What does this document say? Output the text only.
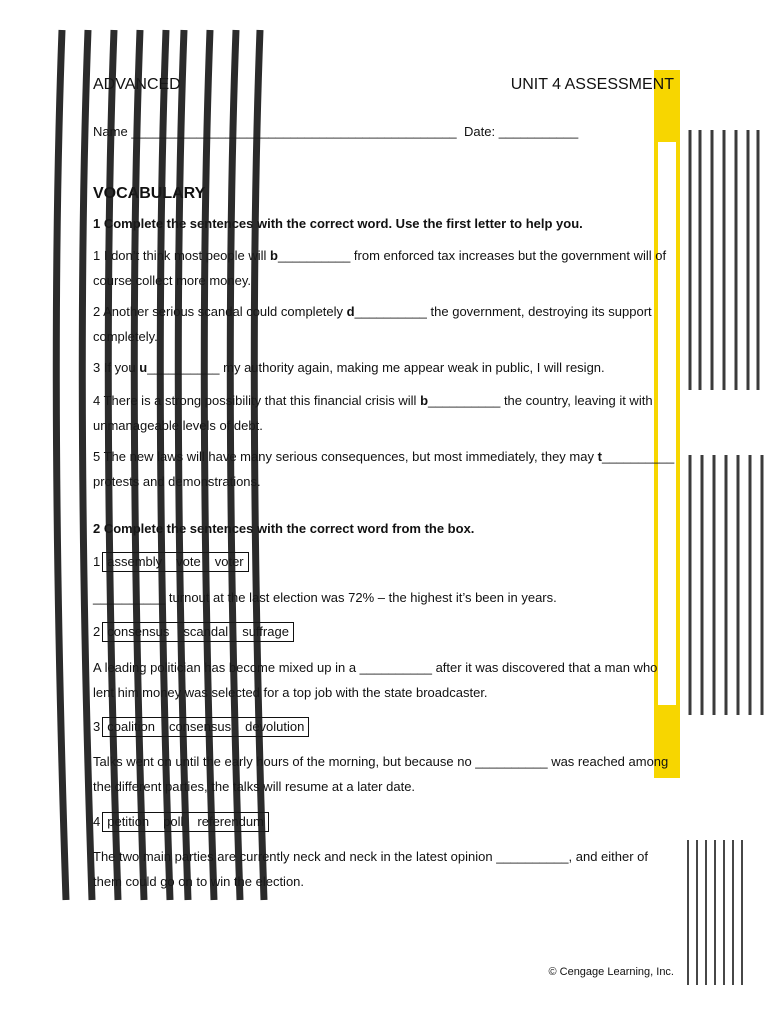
ADVANCED	UNIT 4 ASSESSMENT
Name _____________________________________________ Date: ___________
VOCABULARY
1 Complete the sentences with the correct word. Use the first letter to help you.
1 I don’t think most people will b__________ from enforced tax increases but the government will of course collect more money.
2 Another serious scandal could completely d__________ the government, destroying its support completely.
3 If you u__________ my authority again, making me appear weak in public, I will resign.
4 There is a strong possibility that this financial crisis will b__________ the country, leaving it with unmanageable levels of debt.
5 The new laws will have many serious consequences, but most immediately, they may t__________ protests and demonstrations.
2 Complete the sentences with the correct word from the box.
1 assembly vote voter
__________ turnout at the last election was 72% – the highest it’s been in years.
2 consensus scandal suffrage
A leading politician has become mixed up in a __________ after it was discovered that a man who lent him money was selected for a top job with the state broadcaster.
3 coalition consensus devolution
Talks went on until the early hours of the morning, but because no __________ was reached among the different parties, the talks will resume at a later date.
4 petition poll referendum
The two main parties are currently neck and neck in the latest opinion __________, and either of them could go on to win the election.
© Cengage Learning, Inc.
